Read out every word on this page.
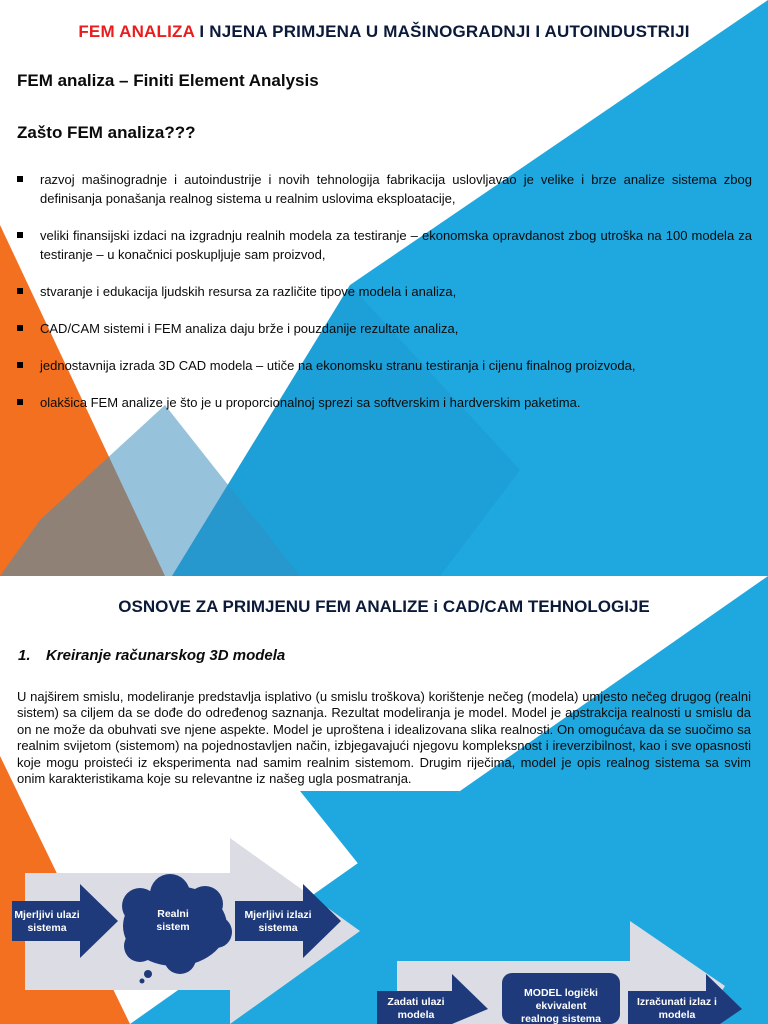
FEM ANALIZA I NJENA PRIMJENA U MAŠINOGRADNJI I AUTOINDUSTRIJI
FEM analiza – Finiti Element Analysis
Zašto FEM analiza???
razvoj mašinogradnje i autoindustrije i novih tehnologija fabrikacija uslovljavao je velike i brze analize sistema zbog definisanja ponašanja realnog sistema u realnim uslovima eksploatacije,
veliki finansijski izdaci na izgradnju realnih modela za testiranje – ekonomska opravdanost zbog utroška na 100 modela za testiranje – u konačnici poskupljuje sam proizvod,
stvaranje i edukacija ljudskih resursa za različite tipove modela i analiza,
CAD/CAM sistemi i FEM analiza daju brže i pouzdanije rezultate analiza,
jednostavnija izrada 3D CAD modela – utiče na ekonomsku stranu testiranja i cijenu finalnog proizvoda,
olakšica FEM analize je što je u proporcionalnoj sprezi sa softverskim i hardverskim paketima.
OSNOVE ZA PRIMJENU FEM ANALIZE i CAD/CAM TEHNOLOGIJE
1. Kreiranje računarskog 3D modela

U najširem smislu, modeliranje predstavlja isplativo (u smislu troškova) korištenje nečeg (modela) umjesto nečeg drugog (realni sistem) sa ciljem da se dođe do određenog saznanja. Rezultat modeliranja je model. Model je apstrakcija realnosti u smislu da on ne može da obuhvati sve njene aspekte. Model je uproštena i idealizovana slika realnosti. On omogućava da se suočimo sa realnim svijetom (sistemom) na pojednostavljen način, izbjegavajući njegovu kompleksnost i ireverzibilnost, kao i sve opasnosti koje mogu proisteći iz eksperimenta nad samim realnim sistemom. Drugim riječima, model je opis realnog sistema sa svim onim karakteristikama koje su relevantne iz našeg ugla posmatranja.

Mjerljivi ulazi
sistema
Realni
sistem
Mjerljivi izlazi
sistema
Zadati ulazi
modela
MODEL logički
ekvivalent
realnog sistema
Izračunati izlaz i
modela
